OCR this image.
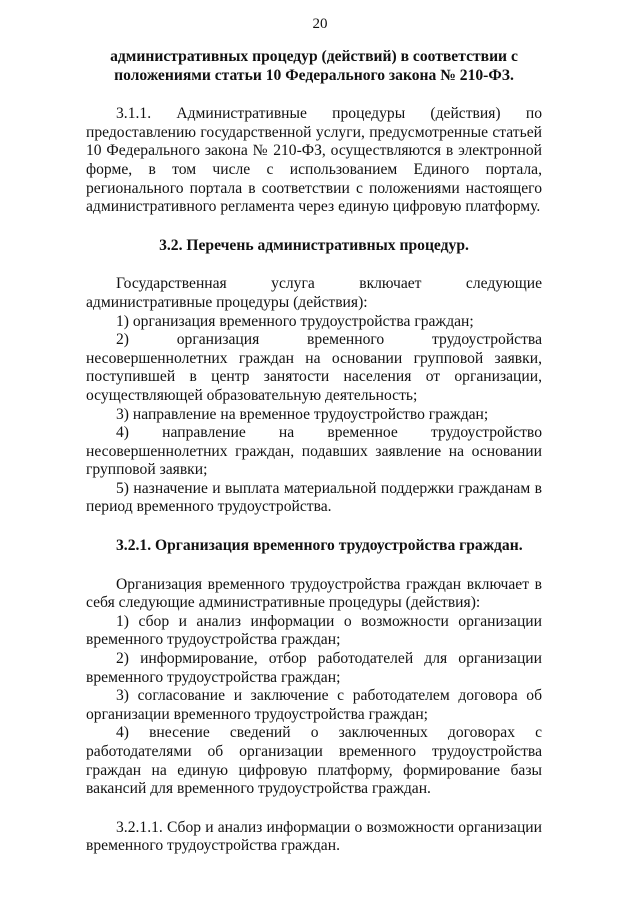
20
административных процедур (действий) в соответствии с
положениями статьи 10 Федерального закона № 210-ФЗ.

3.1.1. Административные процедуры (действия) по предоставлению государственной услуги, предусмотренные статьей 10 Федерального закона № 210-ФЗ, осуществляются в электронной форме, в том числе с использованием Единого портала, регионального портала в соответствии с положениями настоящего административного регламента через единую цифровую платформу.

3.2. Перечень административных процедур.

Государственная услуга включает следующие административные процедуры (действия):

1) организация временного трудоустройства граждан;

2) организация временного трудоустройства несовершеннолетних граждан на основании групповой заявки, поступившей в центр занятости населения от организации, осуществляющей образовательную деятельность;

3) направление на временное трудоустройство граждан;

4) направление на временное трудоустройство несовершеннолетних граждан, подавших заявление на основании групповой заявки;

5) назначение и выплата материальной поддержки гражданам в период временного трудоустройства.

3.2.1. Организация временного трудоустройства граждан.

Организация временного трудоустройства граждан включает в себя следующие административные процедуры (действия):

1) сбор и анализ информации о возможности организации временного трудоустройства граждан;

2) информирование, отбор работодателей для организации временного трудоустройства граждан;

3) согласование и заключение с работодателем договора об организации временного трудоустройства граждан;

4) внесение сведений о заключенных договорах с работодателями об организации временного трудоустройства граждан на единую цифровую платформу, формирование базы вакансий для временного трудоустройства граждан.

3.2.1.1. Сбор и анализ информации о возможности организации временного трудоустройства граждан.
